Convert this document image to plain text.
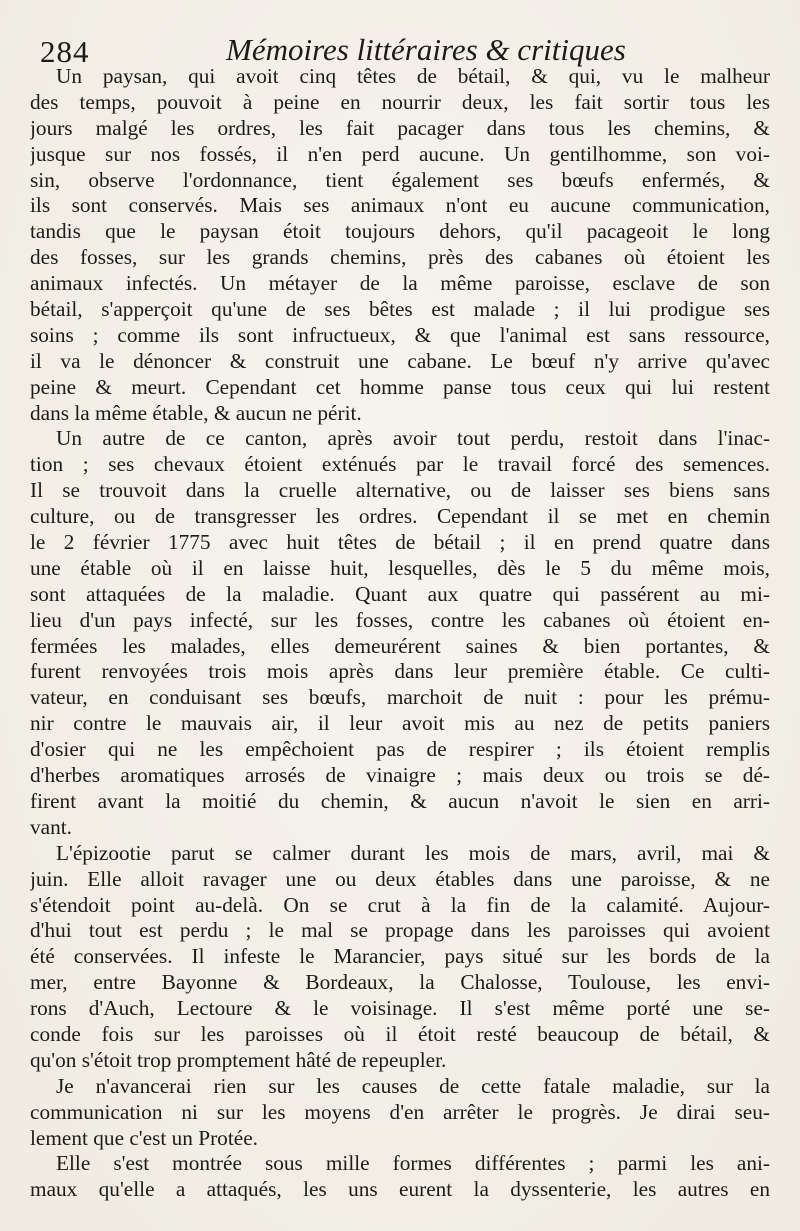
284	Mémoires littéraires & critiques
Un paysan, qui avoit cinq têtes de bétail, & qui, vu le malheur
des temps, pouvoit à peine en nourrir deux, les fait sortir tous les
jours malgé les ordres, les fait pacager dans tous les chemins, &
jusque sur nos fossés, il n'en perd aucune. Un gentilhomme, son voi-
sin, observe l'ordonnance, tient également ses bœufs enfermés, &
ils sont conservés. Mais ses animaux n'ont eu aucune communication,
tandis que le paysan étoit toujours dehors, qu'il pacageoit le long
des fosses, sur les grands chemins, près des cabanes où étoient les
animaux infectés. Un métayer de la même paroisse, esclave de son
bétail, s'apperçoit qu'une de ses bêtes est malade ; il lui prodigue ses
soins ; comme ils sont infructueux, & que l'animal est sans ressource,
il va le dénoncer & construit une cabane. Le bœuf n'y arrive qu'avec
peine & meurt. Cependant cet homme panse tous ceux qui lui restent
dans la même étable, & aucun ne périt.
Un autre de ce canton, après avoir tout perdu, restoit dans l'inac-
tion ; ses chevaux étoient exténués par le travail forcé des semences.
Il se trouvoit dans la cruelle alternative, ou de laisser ses biens sans
culture, ou de transgresser les ordres. Cependant il se met en chemin
le 2 février 1775 avec huit têtes de bétail ; il en prend quatre dans
une étable où il en laisse huit, lesquelles, dès le 5 du même mois,
sont attaquées de la maladie. Quant aux quatre qui passérent au mi-
lieu d'un pays infecté, sur les fosses, contre les cabanes où étoient en-
fermées les malades, elles demeurérent saines & bien portantes, &
furent renvoyées trois mois après dans leur première étable. Ce culti-
vateur, en conduisant ses bœufs, marchoit de nuit : pour les prému-
nir contre le mauvais air, il leur avoit mis au nez de petits paniers
d'osier qui ne les empêchoient pas de respirer ; ils étoient remplis
d'herbes aromatiques arrosés de vinaigre ; mais deux ou trois se dé-
firent avant la moitié du chemin, & aucun n'avoit le sien en arri-
vant.
L'épizootie parut se calmer durant les mois de mars, avril, mai &
juin. Elle alloit ravager une ou deux étables dans une paroisse, & ne
s'étendoit point au-delà. On se crut à la fin de la calamité. Aujour-
d'hui tout est perdu ; le mal se propage dans les paroisses qui avoient
été conservées. Il infeste le Marancier, pays situé sur les bords de la
mer, entre Bayonne & Bordeaux, la Chalosse, Toulouse, les envi-
rons d'Auch, Lectoure & le voisinage. Il s'est même porté une se-
conde fois sur les paroisses où il étoit resté beaucoup de bétail, &
qu'on s'étoit trop promptement hâté de repeupler.
Je n'avancerai rien sur les causes de cette fatale maladie, sur la
communication ni sur les moyens d'en arrêter le progrès. Je dirai seu-
lement que c'est un Protée.
Elle s'est montrée sous mille formes différentes ; parmi les ani-
maux qu'elle a attaqués, les uns eurent la dyssenterie, les autres en
